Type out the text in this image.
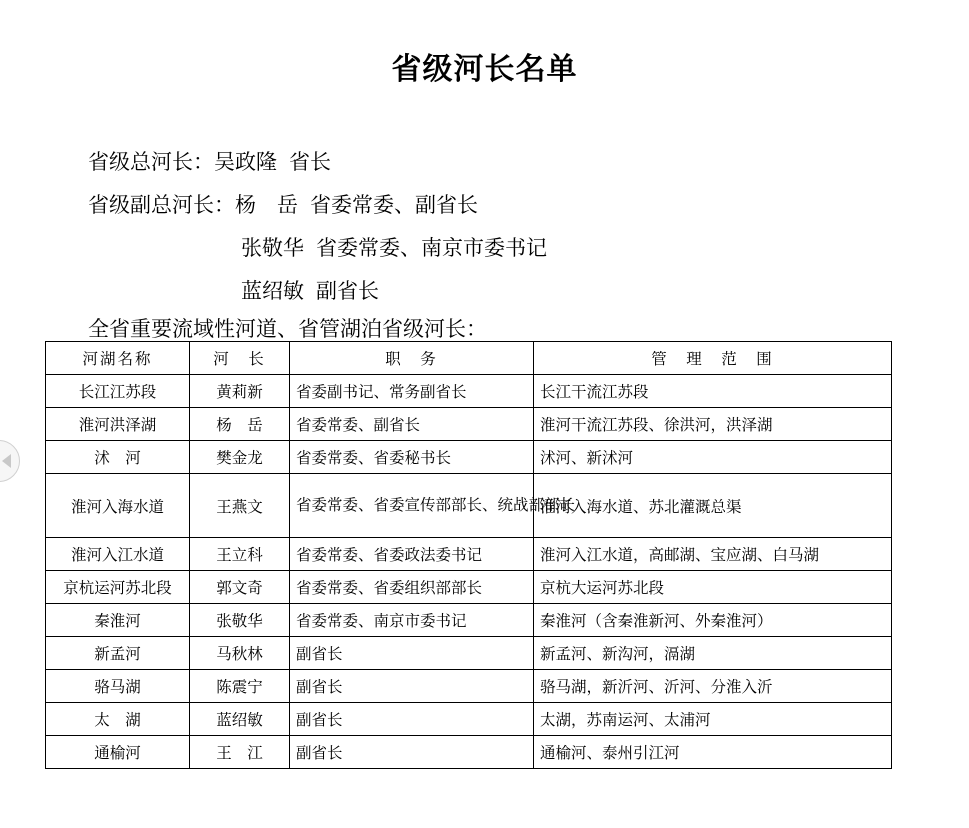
省级河长名单
省级总河长：吴政隆 省长
省级副总河长：杨　岳 省委常委、副省长
张敬华 省委常委、南京市委书记
蓝绍敏 副省长
全省重要流域性河道、省管湖泊省级河长：
河湖名称	河　长	职　务	管　理　范　围
长江江苏段	黄莉新	省委副书记、常务副省长	长江干流江苏段
淮河洪泽湖	杨　岳	省委常委、副省长	淮河干流江苏段、徐洪河，洪泽湖
沭　河	樊金龙	省委常委、省委秘书长	沭河、新沭河
淮河入海水道	王燕文	省委常委、省委宣传部部长、统战部部长	淮河入海水道、苏北灌溉总渠
淮河入江水道	王立科	省委常委、省委政法委书记	淮河入江水道，高邮湖、宝应湖、白马湖
京杭运河苏北段	郭文奇	省委常委、省委组织部部长	京杭大运河苏北段
秦淮河	张敬华	省委常委、南京市委书记	秦淮河（含秦淮新河、外秦淮河）
新孟河	马秋林	副省长	新孟河、新沟河，滆湖
骆马湖	陈震宁	副省长	骆马湖，新沂河、沂河、分淮入沂
太　湖	蓝绍敏	副省长	太湖，苏南运河、太浦河
通榆河	王　江	副省长	通榆河、泰州引江河
